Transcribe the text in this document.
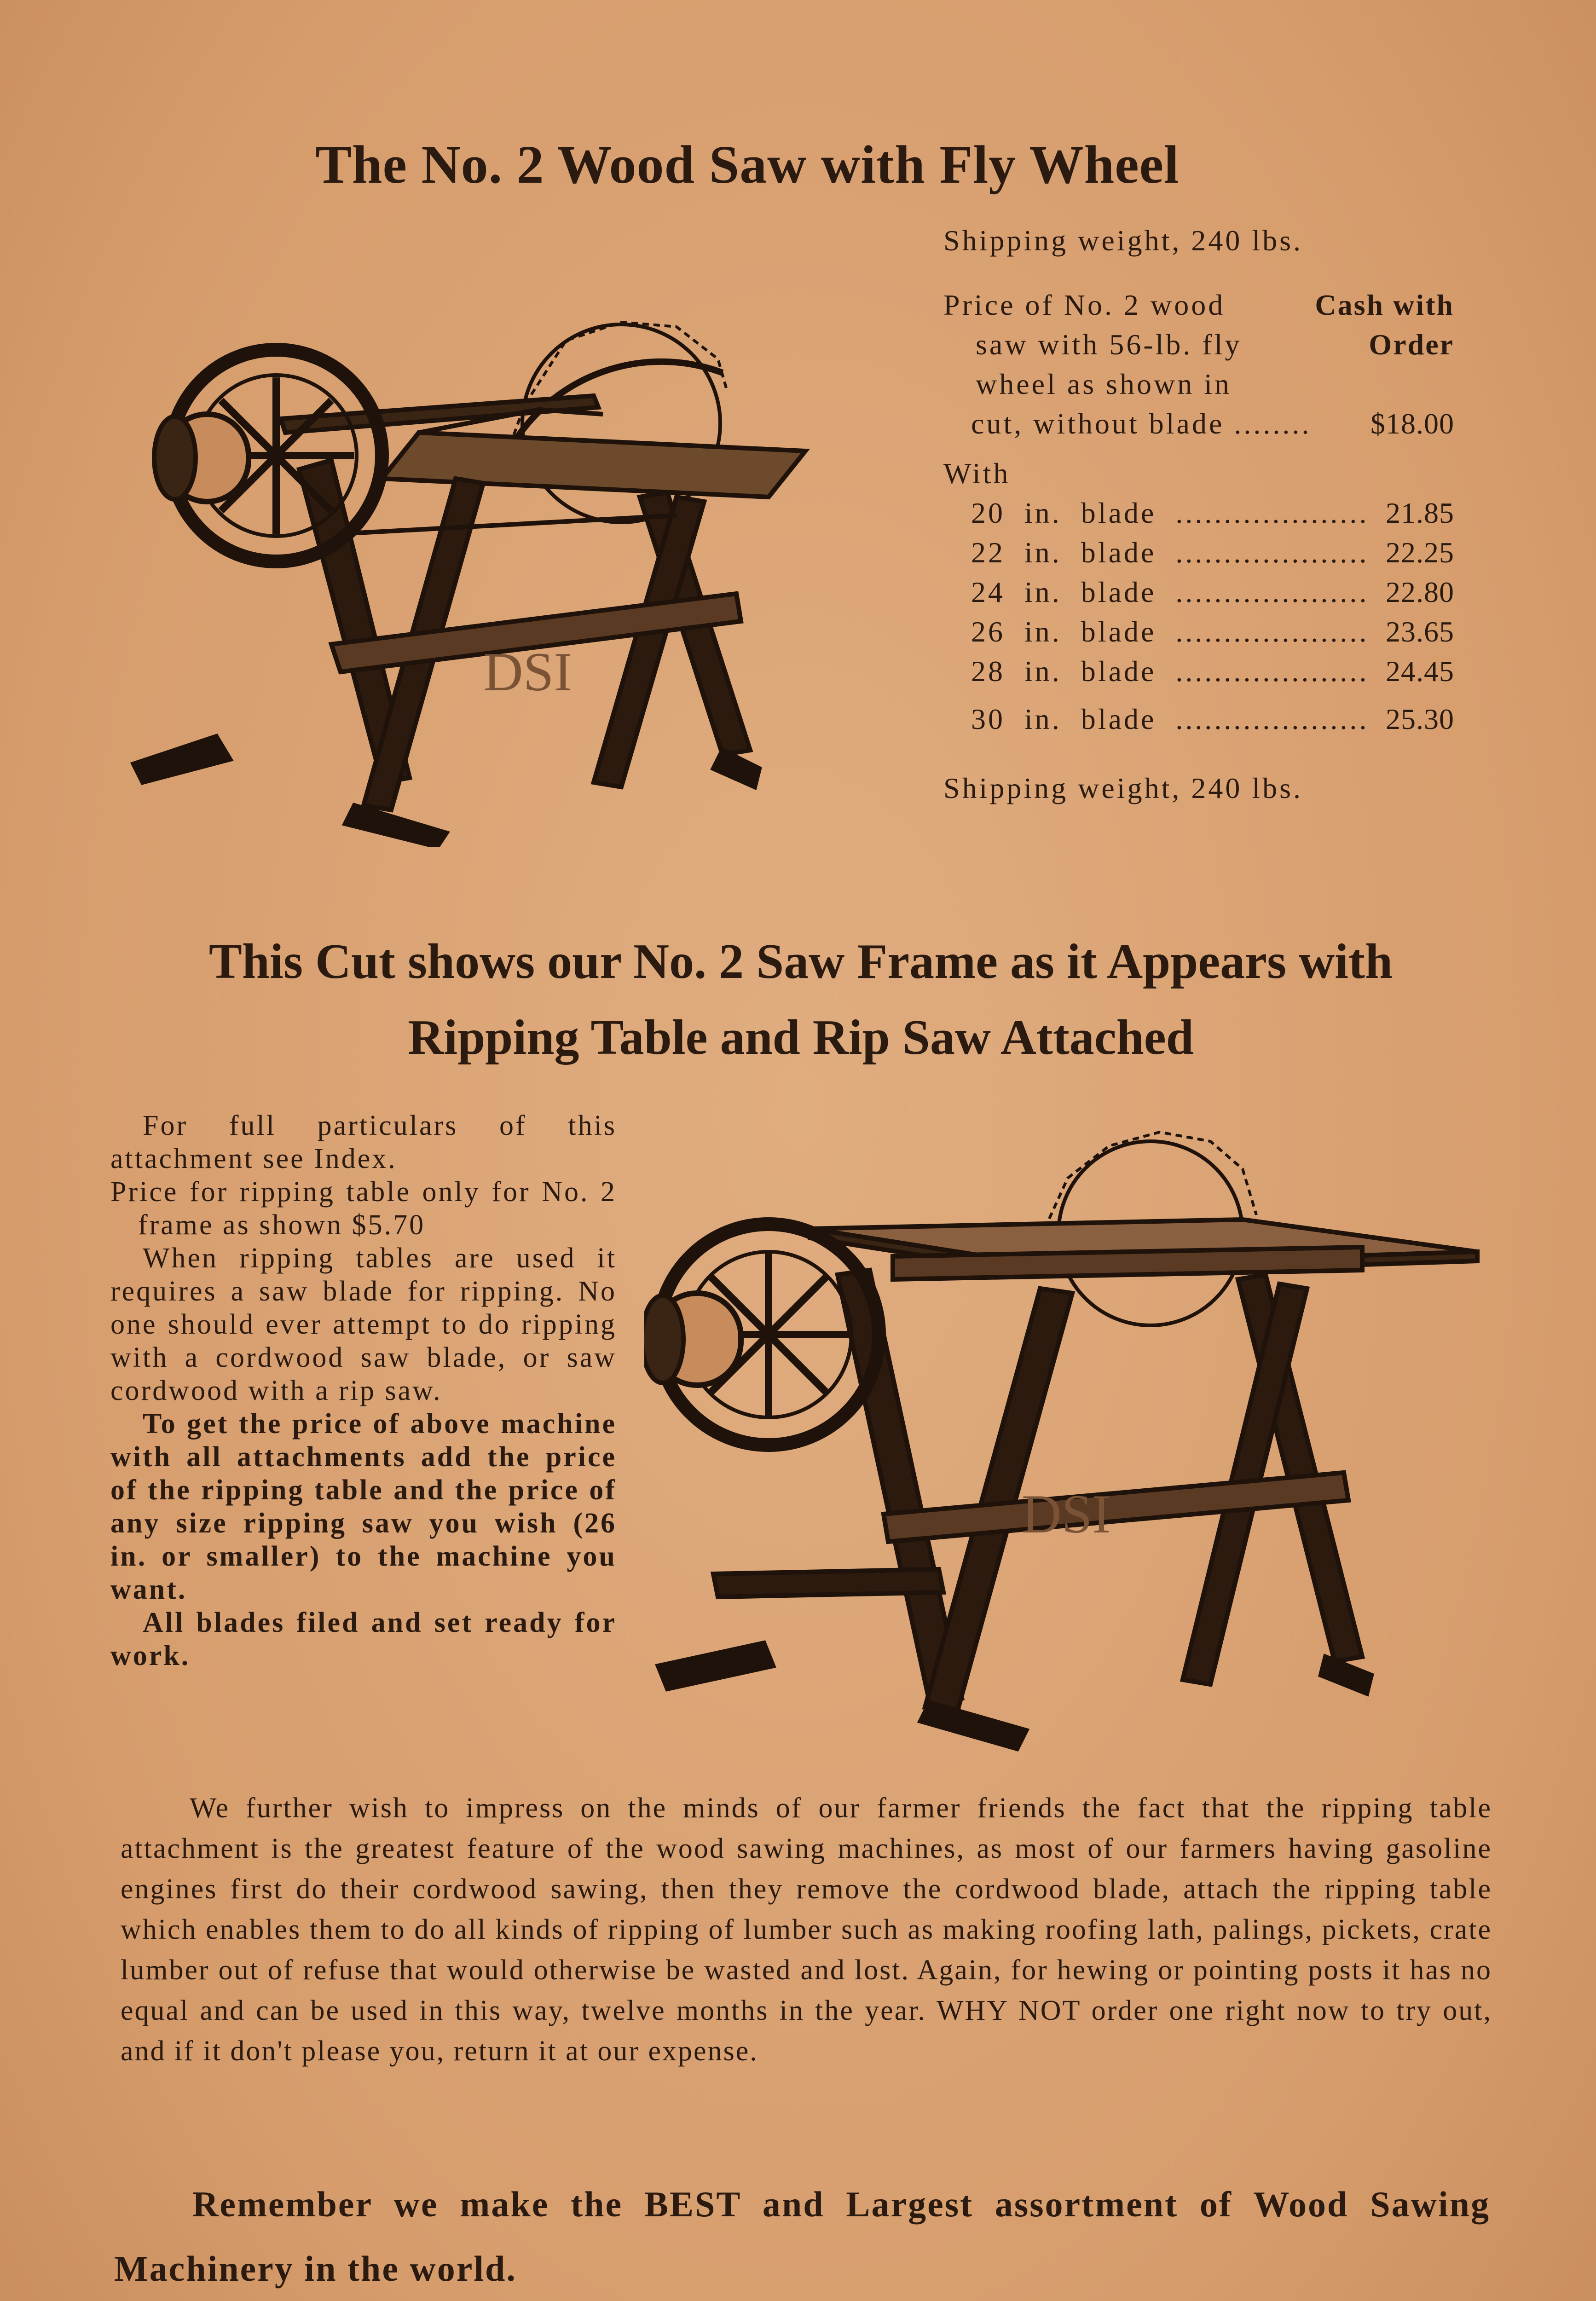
The No. 2 Wood Saw with Fly Wheel
DSI
Shipping weight, 240 lbs.
Price of No. 2 wood	Cash with
saw with 56-lb. fly	Order
wheel as shown in
cut, without blade ........ $18.00
With
20  in.  blade  .................... 21.85
22  in.  blade  .................... 22.25
24  in.  blade  .................... 22.80
26  in.  blade  .................... 23.65
28  in.  blade  .................... 24.45
30  in.  blade  .................... 25.30
Shipping weight, 240 lbs.
This Cut shows our No. 2 Saw Frame as it Appears with
Ripping Table and Rip Saw Attached

For full particulars of this attachment see Index.

Price for ripping table only for No. 2 frame as shown $5.70

When ripping tables are used it requires a saw blade for ripping. No one should ever attempt to do ripping with a cordwood saw blade, or saw cordwood with a rip saw.

To get the price of above machine with all attachments add the price of the ripping table and the price of any size ripping saw you wish (26 in. or smaller) to the machine you want.

All blades filed and set ready for work.

DSI
We further wish to impress on the minds of our farmer friends the fact that the ripping table attachment is the greatest feature of the wood sawing machines, as most of our farmers having gasoline engines first do their cordwood sawing, then they remove the cordwood blade, attach the ripping table which enables them to do all kinds of ripping of lumber such as making roofing lath, palings, pickets, crate lumber out of refuse that would otherwise be wasted and lost. Again, for hewing or pointing posts it has no equal and can be used in this way, twelve months in the year. WHY NOT order one right now to try out, and if it don't please you, return it at our expense.
Remember we make the BEST and Largest assortment of Wood Sawing Machinery in the world.
